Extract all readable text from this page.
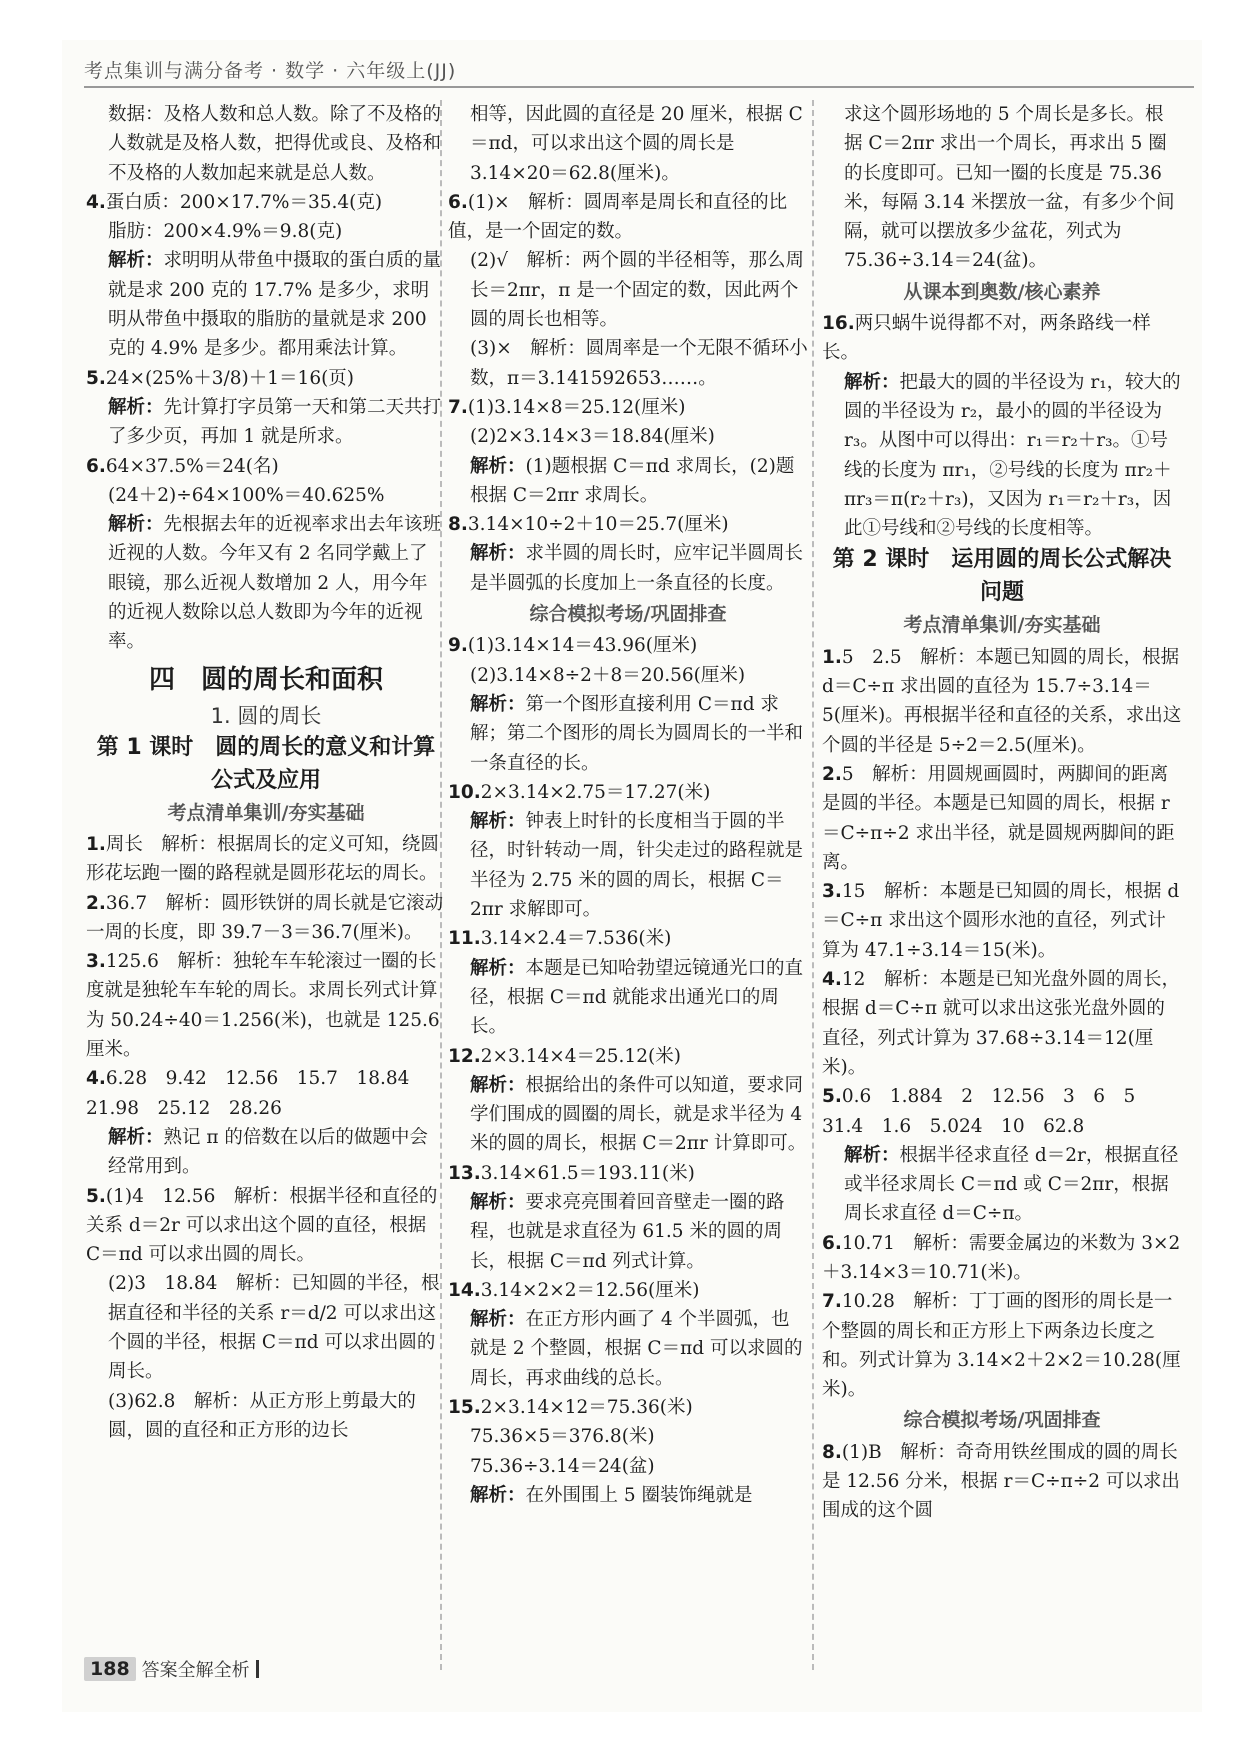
考点集训与满分备考 · 数学 · 六年级上(JJ)
数据：及格人数和总人数。除了不及格的人数就是及格人数，把得优或良、及格和不及格的人数加起来就是总人数。
4.蛋白质：200×17.7%＝35.4(克)
脂肪：200×4.9%＝9.8(克)
解析：求明明从带鱼中摄取的蛋白质的量就是求 200 克的 17.7% 是多少，求明明从带鱼中摄取的脂肪的量就是求 200 克的 4.9% 是多少。都用乘法计算。
5.24×(25%＋3/8)＋1＝16(页)
解析：先计算打字员第一天和第二天共打了多少页，再加 1 就是所求。
6.64×37.5%＝24(名)
(24＋2)÷64×100%＝40.625%
解析：先根据去年的近视率求出去年该班近视的人数。今年又有 2 名同学戴上了眼镜，那么近视人数增加 2 人，用今年的近视人数除以总人数即为今年的近视率。
四　圆的周长和面积
1. 圆的周长
第 1 课时　圆的周长的意义和计算公式及应用
考点清单集训/夯实基础
1.周长　解析：根据周长的定义可知，绕圆形花坛跑一圈的路程就是圆形花坛的周长。
2.36.7　解析：圆形铁饼的周长就是它滚动一周的长度，即 39.7－3＝36.7(厘米)。
3.125.6　解析：独轮车车轮滚过一圈的长度就是独轮车车轮的周长。求周长列式计算为 50.24÷40＝1.256(米)，也就是 125.6 厘米。
4.6.28　9.42　12.56　15.7　18.84　21.98　25.12　28.26
解析：熟记 π 的倍数在以后的做题中会经常用到。
5.(1)4　12.56　解析：根据半径和直径的关系 d＝2r 可以求出这个圆的直径，根据 C＝πd 可以求出圆的周长。
(2)3　18.84　解析：已知圆的半径，根据直径和半径的关系 r＝d/2 可以求出这个圆的半径，根据 C＝πd 可以求出圆的周长。
(3)62.8　解析：从正方形上剪最大的圆，圆的直径和正方形的边长
相等，因此圆的直径是 20 厘米，根据 C＝πd，可以求出这个圆的周长是 3.14×20＝62.8(厘米)。
6.(1)×　解析：圆周率是周长和直径的比值，是一个固定的数。
(2)√　解析：两个圆的半径相等，那么周长＝2πr，π 是一个固定的数，因此两个圆的周长也相等。
(3)×　解析：圆周率是一个无限不循环小数，π＝3.141592653……。
7.(1)3.14×8＝25.12(厘米)
(2)2×3.14×3＝18.84(厘米)
解析：(1)题根据 C＝πd 求周长，(2)题根据 C＝2πr 求周长。
8.3.14×10÷2＋10＝25.7(厘米)
解析：求半圆的周长时，应牢记半圆周长是半圆弧的长度加上一条直径的长度。
综合模拟考场/巩固排查
9.(1)3.14×14＝43.96(厘米)
(2)3.14×8÷2＋8＝20.56(厘米)
解析：第一个图形直接利用 C＝πd 求解；第二个图形的周长为圆周长的一半和一条直径的长。
10.2×3.14×2.75＝17.27(米)
解析：钟表上时针的长度相当于圆的半径，时针转动一周，针尖走过的路程就是半径为 2.75 米的圆的周长，根据 C＝2πr 求解即可。
11.3.14×2.4＝7.536(米)
解析：本题是已知哈勃望远镜通光口的直径，根据 C＝πd 就能求出通光口的周长。
12.2×3.14×4＝25.12(米)
解析：根据给出的条件可以知道，要求同学们围成的圆圈的周长，就是求半径为 4 米的圆的周长，根据 C＝2πr 计算即可。
13.3.14×61.5＝193.11(米)
解析：要求亮亮围着回音壁走一圈的路程，也就是求直径为 61.5 米的圆的周长，根据 C＝πd 列式计算。
14.3.14×2×2＝12.56(厘米)
解析：在正方形内画了 4 个半圆弧，也就是 2 个整圆，根据 C＝πd 可以求圆的周长，再求曲线的总长。
15.2×3.14×12＝75.36(米)
75.36×5＝376.8(米)
75.36÷3.14＝24(盆)
解析：在外围围上 5 圈装饰绳就是
求这个圆形场地的 5 个周长是多长。根据 C＝2πr 求出一个周长，再求出 5 圈的长度即可。已知一圈的长度是 75.36 米，每隔 3.14 米摆放一盆，有多少个间隔，就可以摆放多少盆花，列式为 75.36÷3.14＝24(盆)。
从课本到奥数/核心素养
16.两只蜗牛说得都不对，两条路线一样长。
解析：把最大的圆的半径设为 r₁，较大的圆的半径设为 r₂，最小的圆的半径设为 r₃。从图中可以得出：r₁＝r₂＋r₃。①号线的长度为 πr₁，②号线的长度为 πr₂＋πr₃＝π(r₂＋r₃)，又因为 r₁＝r₂＋r₃，因此①号线和②号线的长度相等。
第 2 课时　运用圆的周长公式解决问题
考点清单集训/夯实基础
1.5　2.5　解析：本题已知圆的周长，根据 d＝C÷π 求出圆的直径为 15.7÷3.14＝5(厘米)。再根据半径和直径的关系，求出这个圆的半径是 5÷2＝2.5(厘米)。
2.5　解析：用圆规画圆时，两脚间的距离是圆的半径。本题是已知圆的周长，根据 r＝C÷π÷2 求出半径，就是圆规两脚间的距离。
3.15　解析：本题是已知圆的周长，根据 d＝C÷π 求出这个圆形水池的直径，列式计算为 47.1÷3.14＝15(米)。
4.12　解析：本题是已知光盘外圆的周长，根据 d＝C÷π 就可以求出这张光盘外圆的直径，列式计算为 37.68÷3.14＝12(厘米)。
5.0.6　1.884　2　12.56　3　6　5　31.4　1.6　5.024　10　62.8
解析：根据半径求直径 d＝2r，根据直径或半径求周长 C＝πd 或 C＝2πr，根据周长求直径 d＝C÷π。
6.10.71　解析：需要金属边的米数为 3×2＋3.14×3＝10.71(米)。
7.10.28　解析：丁丁画的图形的周长是一个整圆的周长和正方形上下两条边长度之和。列式计算为 3.14×2＋2×2＝10.28(厘米)。
综合模拟考场/巩固排查
8.(1)B　解析：奇奇用铁丝围成的圆的周长是 12.56 分米，根据 r＝C÷π÷2 可以求出围成的这个圆
188 答案全解全析
